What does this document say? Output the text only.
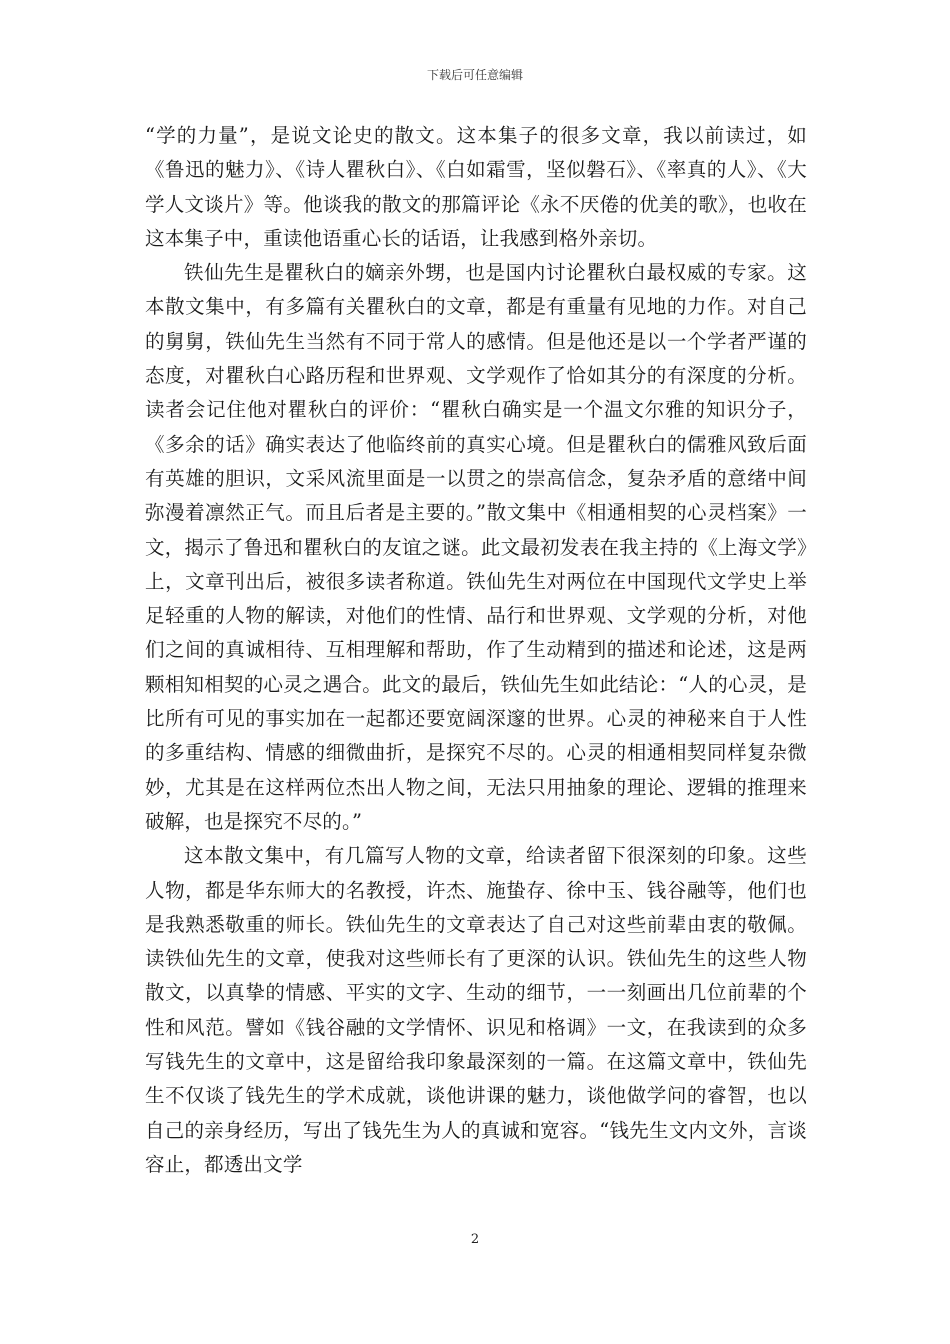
下载后可任意编辑

“学的力量”，是说文论史的散文。这本集子的很多文章，我以前读过，如《鲁迅的魅力》、《诗人瞿秋白》、《白如霜雪，坚似磐石》、《率真的人》、《大学人文谈片》等。他谈我的散文的那篇评论《永不厌倦的优美的歌》，也收在这本集子中，重读他语重心长的话语，让我感到格外亲切。

铁仙先生是瞿秋白的嫡亲外甥，也是国内讨论瞿秋白最权威的专家。这本散文集中，有多篇有关瞿秋白的文章，都是有重量有见地的力作。对自己的舅舅，铁仙先生当然有不同于常人的感情。但是他还是以一个学者严谨的态度，对瞿秋白心路历程和世界观、文学观作了恰如其分的有深度的分析。读者会记住他对瞿秋白的评价：“瞿秋白确实是一个温文尔雅的知识分子，《多余的话》确实表达了他临终前的真实心境。但是瞿秋白的儒雅风致后面有英雄的胆识，文采风流里面是一以贯之的崇高信念，复杂矛盾的意绪中间弥漫着凛然正气。而且后者是主要的。”散文集中《相通相契的心灵档案》一文，揭示了鲁迅和瞿秋白的友谊之谜。此文最初发表在我主持的《上海文学》上，文章刊出后，被很多读者称道。铁仙先生对两位在中国现代文学史上举足轻重的人物的解读，对他们的性情、品行和世界观、文学观的分析，对他们之间的真诚相待、互相理解和帮助，作了生动精到的描述和论述，这是两颗相知相契的心灵之遇合。此文的最后，铁仙先生如此结论：“人的心灵，是比所有可见的事实加在一起都还要宽阔深邃的世界。心灵的神秘来自于人性的多重结构、情感的细微曲折，是探究不尽的。心灵的相通相契同样复杂微妙，尤其是在这样两位杰出人物之间，无法只用抽象的理论、逻辑的推理来破解，也是探究不尽的。”

这本散文集中，有几篇写人物的文章，给读者留下很深刻的印象。这些人物，都是华东师大的名教授，许杰、施蛰存、徐中玉、钱谷融等，他们也是我熟悉敬重的师长。铁仙先生的文章表达了自己对这些前辈由衷的敬佩。读铁仙先生的文章，使我对这些师长有了更深的认识。铁仙先生的这些人物散文，以真挚的情感、平实的文字、生动的细节，一一刻画出几位前辈的个性和风范。譬如《钱谷融的文学情怀、识见和格调》一文，在我读到的众多写钱先生的文章中，这是留给我印象最深刻的一篇。在这篇文章中，铁仙先生不仅谈了钱先生的学术成就，谈他讲课的魅力，谈他做学问的睿智，也以自己的亲身经历，写出了钱先生为人的真诚和宽容。“钱先生文内文外，言谈容止，都透出文学

2
